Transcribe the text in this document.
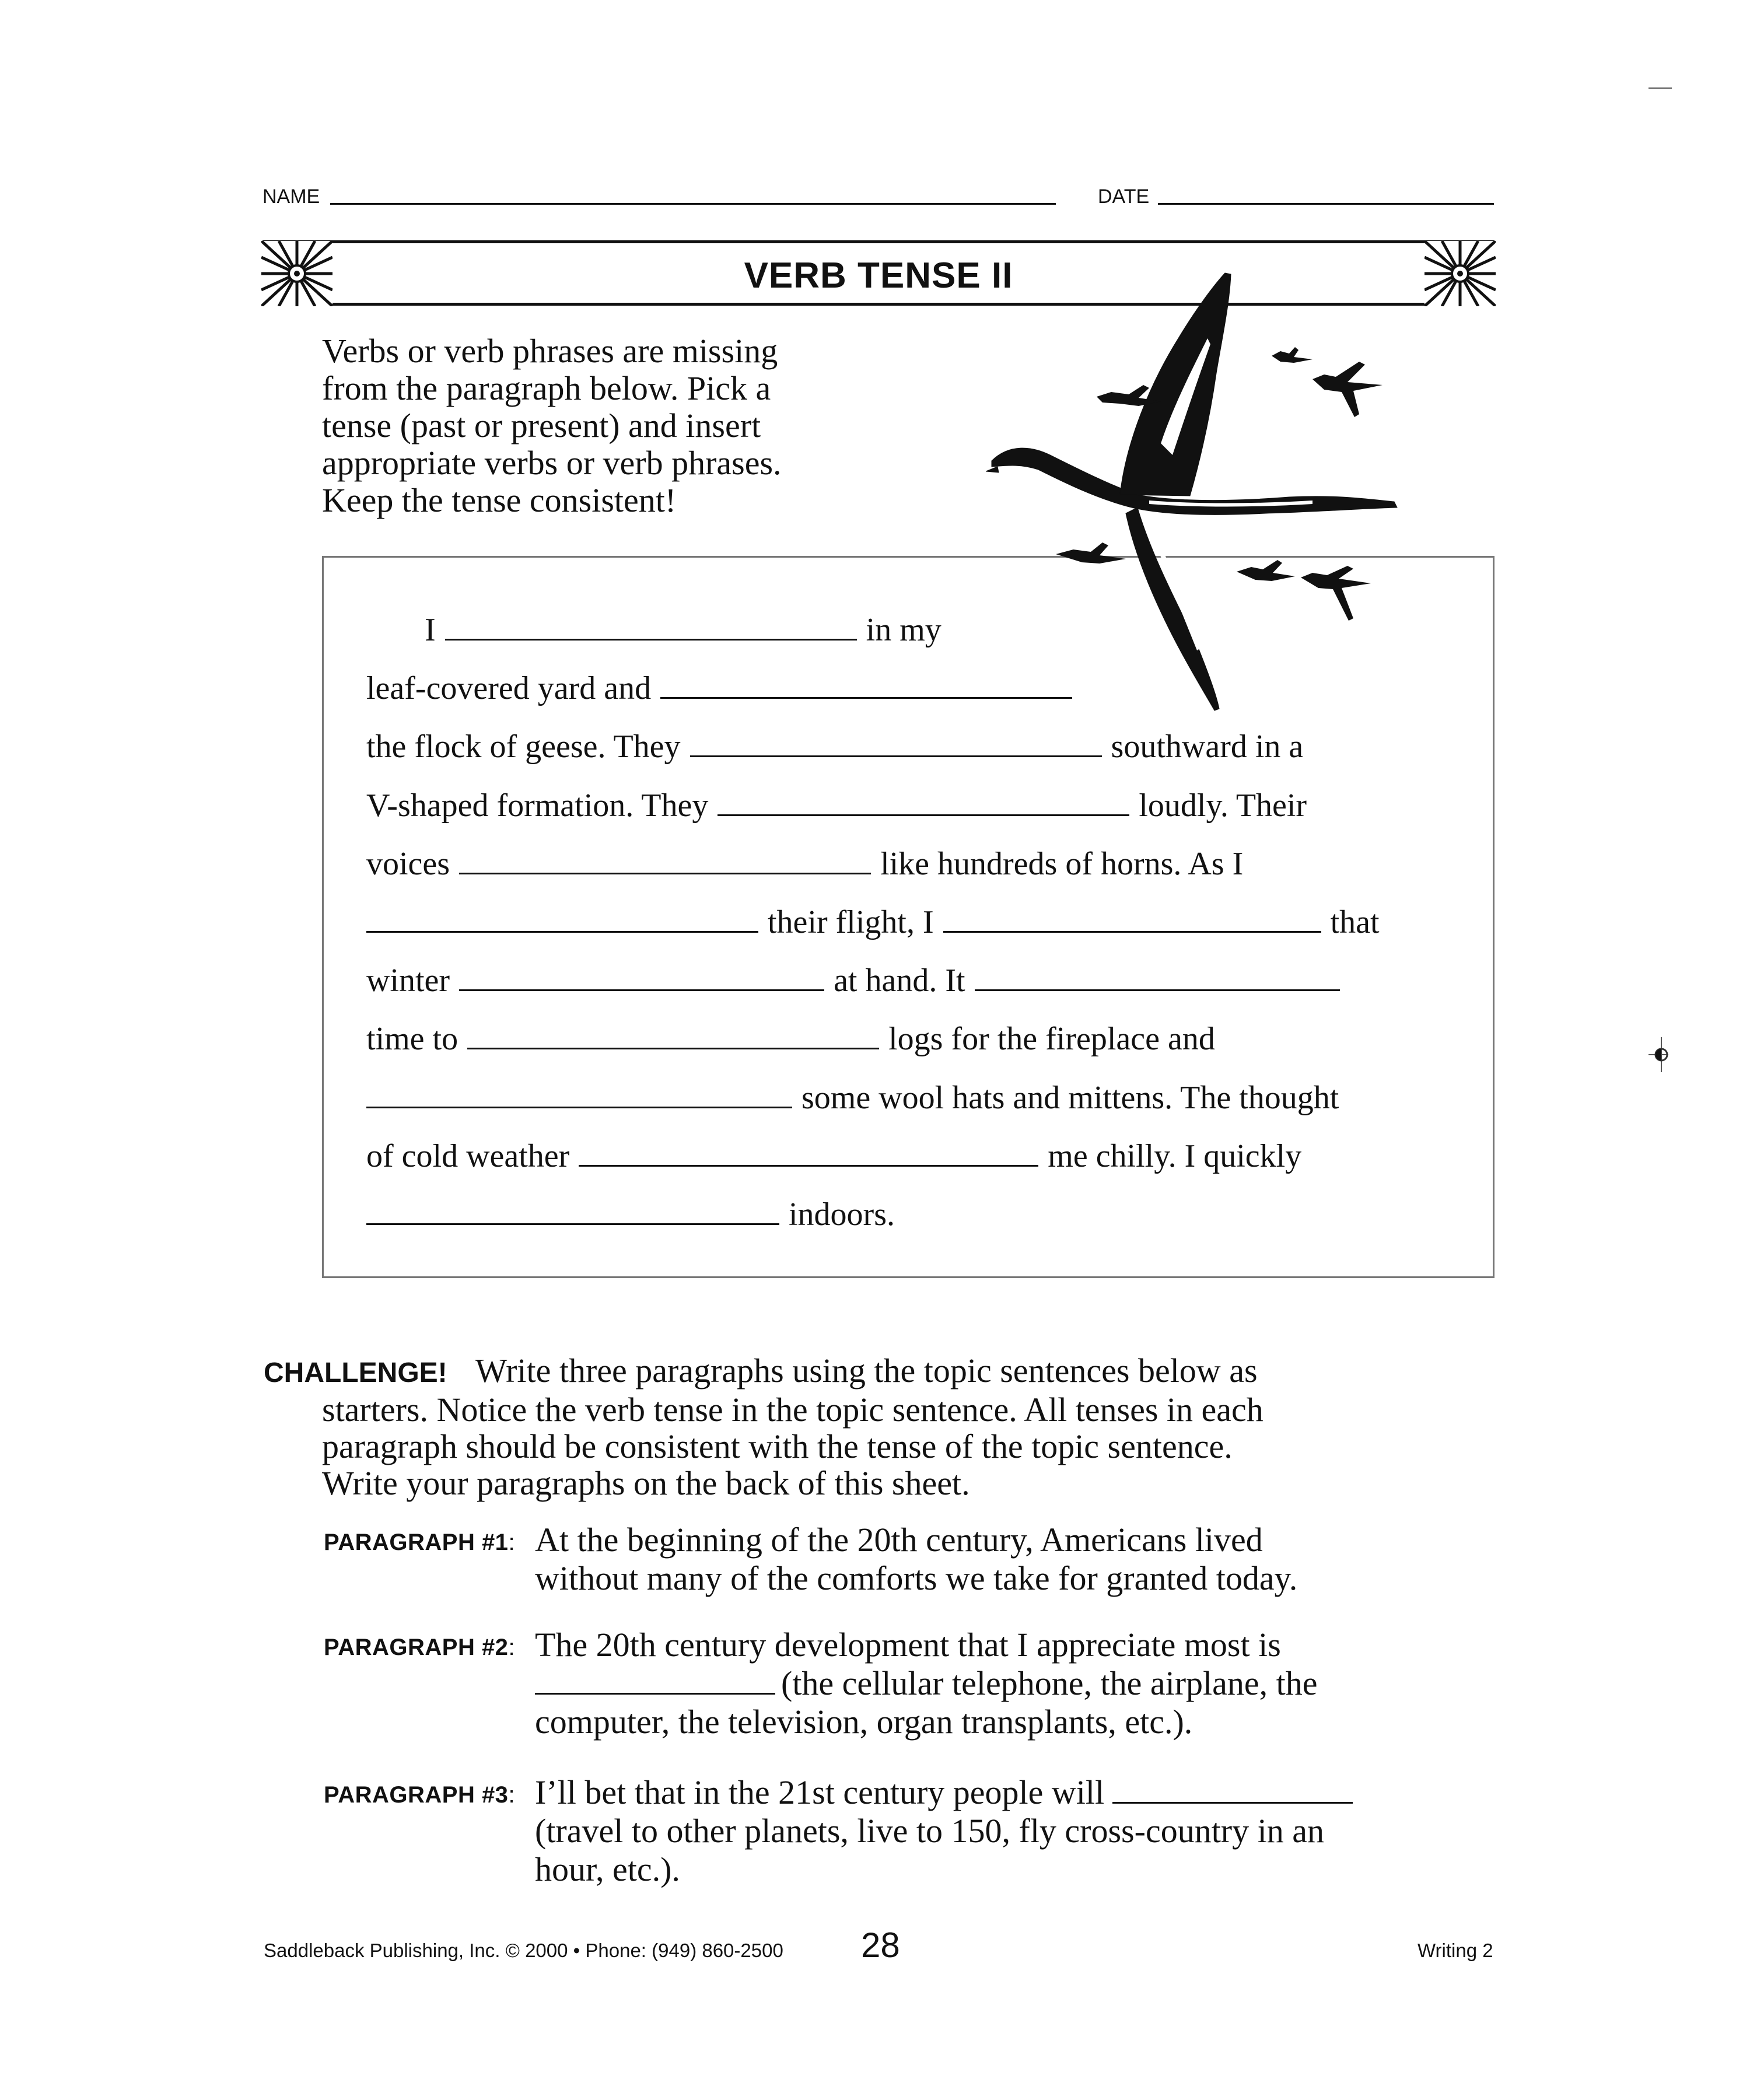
NAME	DATE
VERB TENSE II
Verbs or verb phrases are missing
from the paragraph below. Pick a
tense (past or present) and insert
appropriate verbs or verb phrases.
Keep the tense consistent!
I	in my
leaf-covered yard and
the flock of geese. They	southward in a
V-shaped formation. They	loudly. Their
voices	like hundreds of horns. As I
their flight, I	that
winter	at hand. It
time to	logs for the fireplace and
some wool hats and mittens. The thought
of cold weather	me chilly. I quickly
indoors.
CHALLENGE! Write three paragraphs using the topic sentences below as
starters. Notice the verb tense in the topic sentence. All tenses in each
paragraph should be consistent with the tense of the topic sentence.
Write your paragraphs on the back of this sheet.
PARAGRAPH #1: At the beginning of the 20th century, Americans lived
without many of the comforts we take for granted today.
PARAGRAPH #2: The 20th century development that I appreciate most is
(the cellular telephone, the airplane, the
computer, the television, organ transplants, etc.).
PARAGRAPH #3: I’ll bet that in the 21st century people will
(travel to other planets, live to 150, fly cross-country in an
hour, etc.).
Saddleback Publishing, Inc. © 2000 • Phone: (949) 860-2500 28	Writing 2
